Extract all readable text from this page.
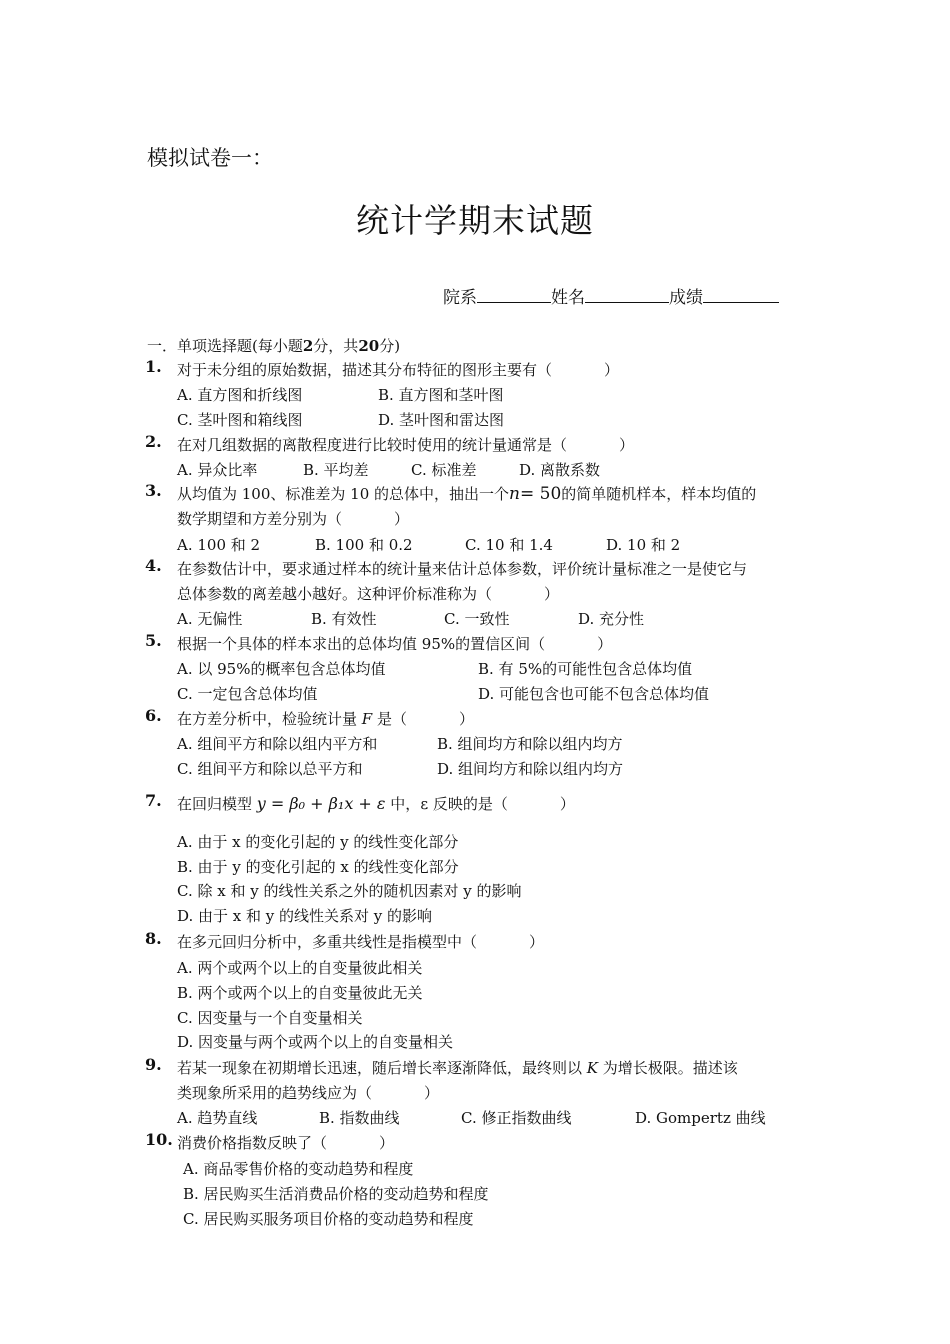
模拟试卷一：
统计学期末试题
院系	姓名	成绩
一．单项选择题(每小题2分，共20分)
1. 对于未分组的原始数据，描述其分布特征的图形主要有（	）
A. 直方图和折线图	B. 直方图和茎叶图
C. 茎叶图和箱线图	D. 茎叶图和雷达图
2. 在对几组数据的离散程度进行比较时使用的统计量通常是（	）
A. 异众比率	B. 平均差	C. 标准差	D. 离散系数
3. 从均值为 100、标准差为 10 的总体中，抽出一个n= 50的简单随机样本，样本均值的
数学期望和方差分别为（	）
A. 100 和 2	B. 100 和 0.2	C. 10 和 1.4	D. 10 和 2
4. 在参数估计中，要求通过样本的统计量来估计总体参数，评价统计量标准之一是使它与
总体参数的离差越小越好。这种评价标准称为（	）
A. 无偏性	B. 有效性	C. 一致性	D. 充分性
5. 根据一个具体的样本求出的总体均值 95%的置信区间（	）
A. 以 95%的概率包含总体均值	B. 有 5%的可能性包含总体均值
C. 一定包含总体均值	D. 可能包含也可能不包含总体均值
6. 在方差分析中，检验统计量 F 是（	）
A. 组间平方和除以组内平方和	B. 组间均方和除以组内均方
C. 组间平方和除以总平方和	D. 组间均方和除以组内均方
7. 在回归模型 y = β₀ + β₁x + ε 中，ε 反映的是（	）
A. 由于 x 的变化引起的 y 的线性变化部分
B. 由于 y 的变化引起的 x 的线性变化部分
C. 除 x 和 y 的线性关系之外的随机因素对 y 的影响
D. 由于 x 和 y 的线性关系对 y 的影响
8. 在多元回归分析中，多重共线性是指模型中（	）
A. 两个或两个以上的自变量彼此相关
B. 两个或两个以上的自变量彼此无关
C. 因变量与一个自变量相关
D. 因变量与两个或两个以上的自变量相关
9. 若某一现象在初期增长迅速，随后增长率逐渐降低，最终则以 K 为增长极限。描述该
类现象所采用的趋势线应为（	）
A. 趋势直线	B. 指数曲线	C. 修正指数曲线	D. Gompertz 曲线
10. 消费价格指数反映了（	）
A. 商品零售价格的变动趋势和程度
B. 居民购买生活消费品价格的变动趋势和程度
C. 居民购买服务项目价格的变动趋势和程度
